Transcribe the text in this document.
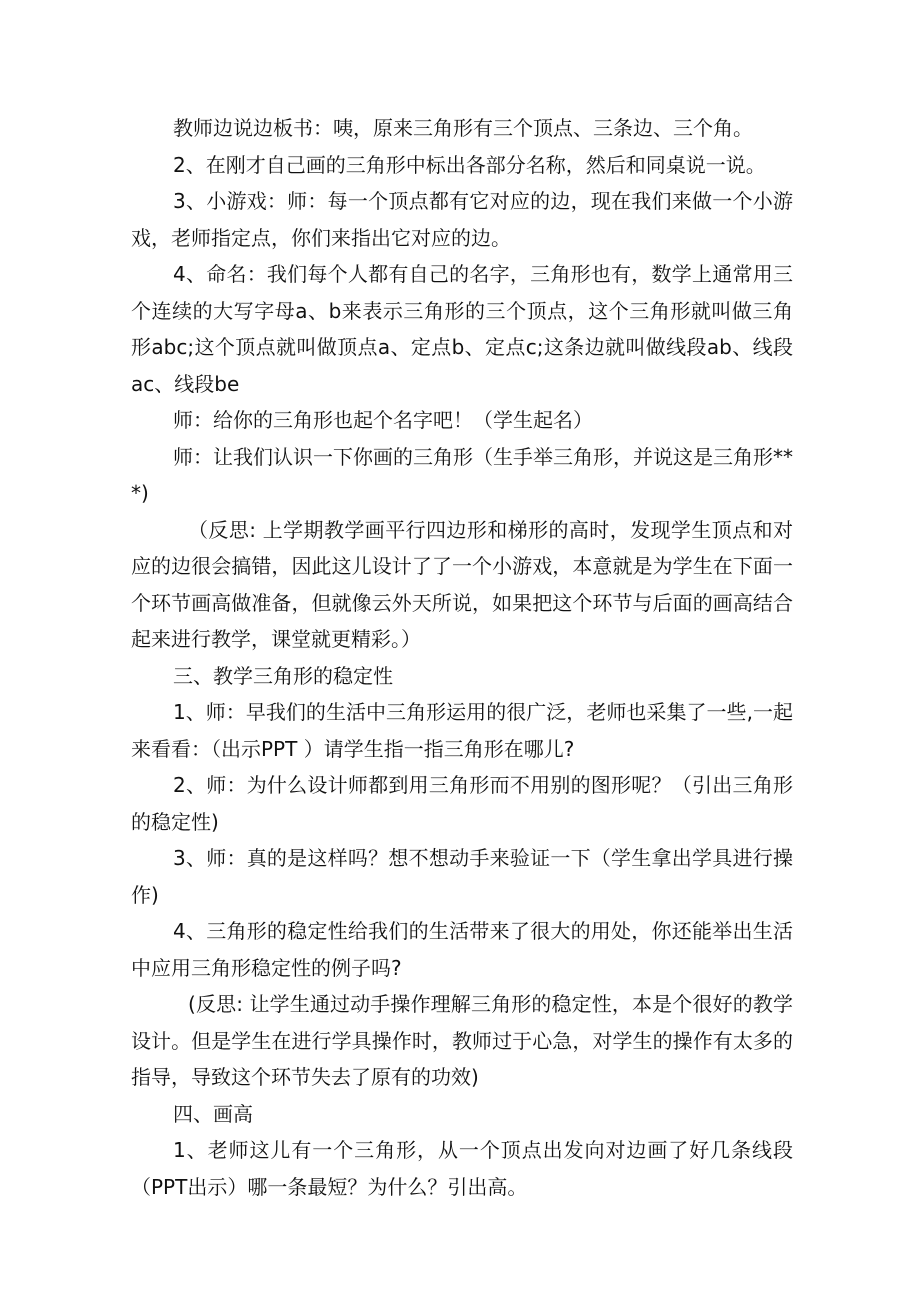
教师边说边板书：咦，原来三角形有三个顶点、三条边、三个角。

2、在刚才自己画的三角形中标出各部分名称，然后和同桌说一说。

3、小游戏：师：每一个顶点都有它对应的边，现在我们来做一个小游戏，老师指定点，你们来指出它对应的边。

4、命名：我们每个人都有自己的名字，三角形也有，数学上通常用三个连续的大写字母a、b来表示三角形的三个顶点，这个三角形就叫做三角形abc;这个顶点就叫做顶点a、定点b、定点c;这条边就叫做线段ab、线段ac、线段be

师：给你的三角形也起个名字吧！（学生起名）

师：让我们认识一下你画的三角形（生手举三角形，并说这是三角形***)

（反思: 上学期教学画平行四边形和梯形的高时，发现学生顶点和对应的边很会搞错，因此这儿设计了了一个小游戏，本意就是为学生在下面一个环节画高做准备，但就像云外天所说，如果把这个环节与后面的画高结合起来进行教学，课堂就更精彩。）

三、教学三角形的稳定性

1、师：早我们的生活中三角形运用的很广泛，老师也采集了一些,一起来看看：（出示PPT ）请学生指一指三角形在哪儿?

2、师：为什么设计师都到用三角形而不用别的图形呢？（引出三角形的稳定性)

3、师：真的是这样吗？想不想动手来验证一下（学生拿出学具进行操作)

4、三角形的稳定性给我们的生活带来了很大的用处，你还能举出生活中应用三角形稳定性的例子吗?

(反思: 让学生通过动手操作理解三角形的稳定性，本是个很好的教学设计。但是学生在进行学具操作时，教师过于心急，对学生的操作有太多的指导，导致这个环节失去了原有的功效)

四、画高

1、老师这儿有一个三角形，从一个顶点出发向对边画了好几条线段（PPT出示）哪一条最短？为什么？引出高。
